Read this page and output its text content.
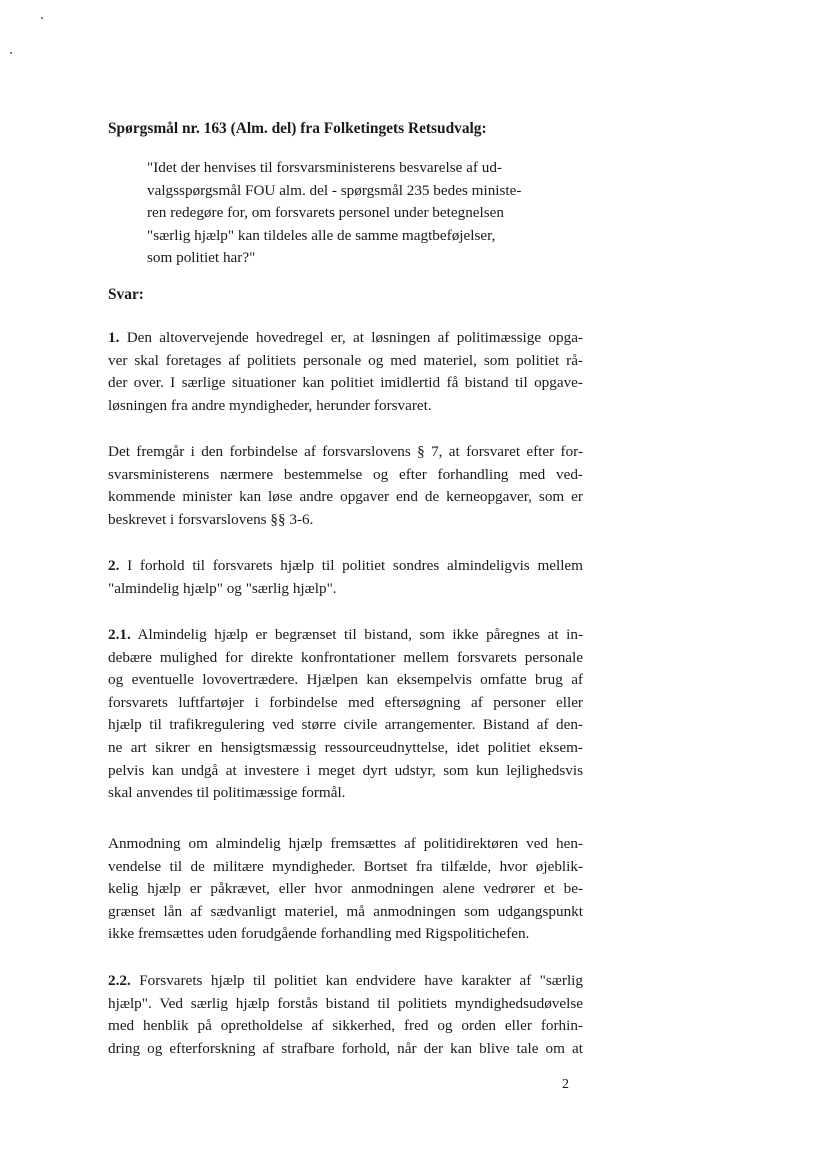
Spørgsmål nr. 163 (Alm. del) fra Folketingets Retsudvalg:
"Idet der henvises til forsvarsministerens besvarelse af ud-
valgsspørgsmål FOU alm. del - spørgsmål 235 bedes ministe-
ren redegøre for, om forsvarets personel under betegnelsen
"særlig hjælp" kan tildeles alle de samme magtbeføjelser,
som politiet har?"
Svar:
1. Den altovervejende hovedregel er, at løsningen af politimæssige opga-
ver skal foretages af politiets personale og med materiel, som politiet rå-
der over. I særlige situationer kan politiet imidlertid få bistand til opgave-
løsningen fra andre myndigheder, herunder forsvaret.
Det fremgår i den forbindelse af forsvarslovens § 7, at forsvaret efter for-
svarsministerens nærmere bestemmelse og efter forhandling med ved-
kommende minister kan løse andre opgaver end de kerneopgaver, som er
beskrevet i forsvarslovens §§ 3-6.
2. I forhold til forsvarets hjælp til politiet sondres almindeligvis mellem
"almindelig hjælp" og "særlig hjælp".
2.1. Almindelig hjælp er begrænset til bistand, som ikke påregnes at in-
debære mulighed for direkte konfrontationer mellem forsvarets personale
og eventuelle lovovertrædere. Hjælpen kan eksempelvis omfatte brug af
forsvarets luftfartøjer i forbindelse med eftersøgning af personer eller
hjælp til trafikregulering ved større civile arrangementer. Bistand af den-
ne art sikrer en hensigtsmæssig ressourceudnyttelse, idet politiet eksem-
pelvis kan undgå at investere i meget dyrt udstyr, som kun lejlighedsvis
skal anvendes til politimæssige formål.
Anmodning om almindelig hjælp fremsættes af politidirektøren ved hen-
vendelse til de militære myndigheder. Bortset fra tilfælde, hvor øjeblik-
kelig hjælp er påkrævet, eller hvor anmodningen alene vedrører et be-
grænset lån af sædvanligt materiel, må anmodningen som udgangspunkt
ikke fremsættes uden forudgående forhandling med Rigspolitichefen.
2.2. Forsvarets hjælp til politiet kan endvidere have karakter af "særlig
hjælp". Ved særlig hjælp forstås bistand til politiets myndighedsudøvelse
med henblik på opretholdelse af sikkerhed, fred og orden eller forhin-
dring og efterforskning af strafbare forhold, når der kan blive tale om at
2
